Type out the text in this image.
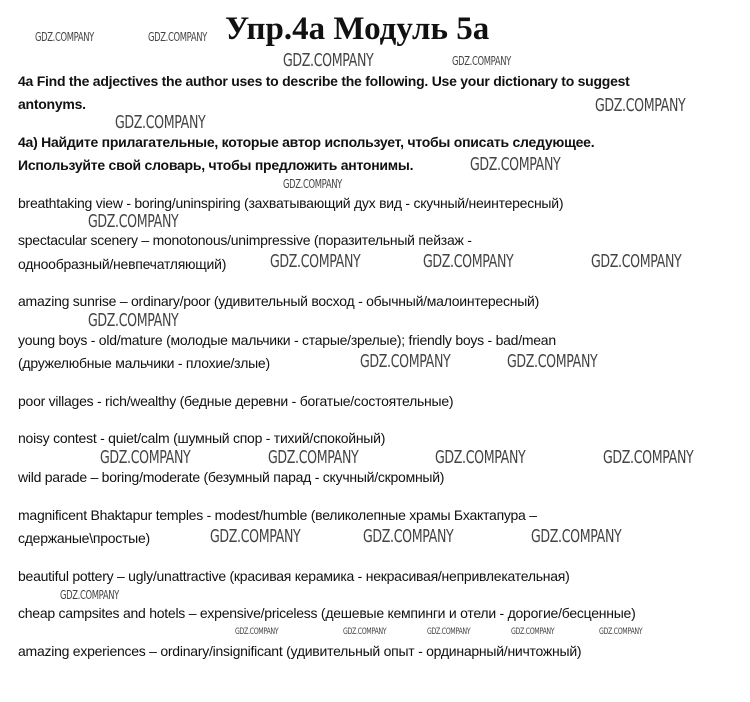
Упр.4а Модуль 5а
4a Find the adjectives the author uses to describe the following. Use your dictionary to suggest
antonyms.
4a) Найдите прилагательные, которые автор использует, чтобы описать следующее.
Используйте свой словарь, чтобы предложить антонимы.
breathtaking view - boring/uninspiring (захватывающий дух вид - скучный/неинтересный)
spectacular scenery – monotonous/unimpressive (поразительный пейзаж -
однообразный/невпечатляющий)
amazing sunrise – ordinary/poor (удивительный восход - обычный/малоинтересный)
young boys - old/mature (молодые мальчики - старые/зрелые); friendly boys - bad/mean
(дружелюбные мальчики - плохие/злые)
poor villages - rich/wealthy (бедные деревни - богатые/состоятельные)
noisy contest - quiet/calm (шумный спор - тихий/спокойный)
wild parade – boring/moderate (безумный парад - скучный/скромный)
magnificent Bhaktapur temples - modest/humble (великолепные храмы Бхактапура –
сдержаные\простые)
beautiful pottery – ugly/unattractive (красивая керамика - некрасивая/непривлекательная)
cheap campsites and hotels – expensive/priceless (дешевые кемпинги и отели - дорогие/бесценные)
amazing experiences – ordinary/insignificant (удивительный опыт - ординарный/ничтожный)
GDZ.COMPANY	GDZ.COMPANY
GDZ.COMPANY	GDZ.COMPANY
GDZ.COMPANY
GDZ.COMPANY
GDZ.COMPANY
GDZ.COMPANY
GDZ.COMPANY
GDZ.COMPANY	GDZ.COMPANY	GDZ.COMPANY
GDZ.COMPANY
GDZ.COMPANY	GDZ.COMPANY
GDZ.COMPANY	GDZ.COMPANY	GDZ.COMPANY	GDZ.COMPANY
GDZ.COMPANY	GDZ.COMPANY	GDZ.COMPANY
GDZ.COMPANY
GDZ.COMPANY	GDZ.COMPANY	GDZ.COMPANY	GDZ.COMPANY	GDZ.COMPANY
